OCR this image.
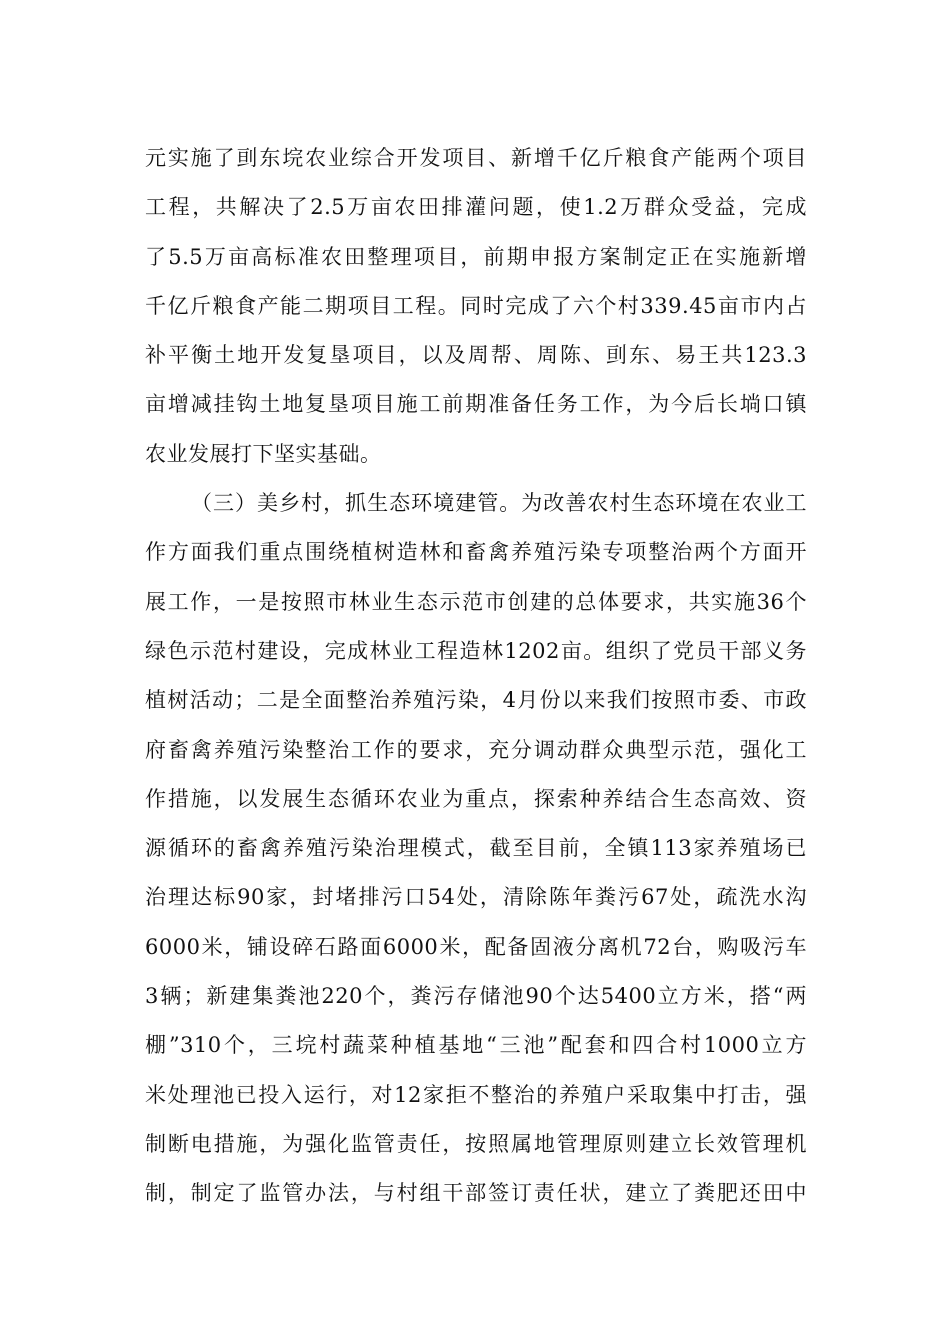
元实施了刯东垸农业综合开发项目、新增千亿斤粮食产能两个项目
工程，共解决了2.5万亩农田排灌问题，使1.2万群众受益，完成
了5.5万亩高标准农田整理项目，前期申报方案制定正在实施新增
千亿斤粮食产能二期项目工程。同时完成了六个村339.45亩市内占
补平衡土地开发复垦项目，以及周帮、周陈、刯东、易王共123.3
亩增减挂钩土地复垦项目施工前期准备任务工作，为今后长埫口镇
农业发展打下坚实基础。
（三）美乡村，抓生态环境建管。为改善农村生态环境在农业工
作方面我们重点围绕植树造林和畜禽养殖污染专项整治两个方面开
展工作，一是按照市林业生态示范市创建的总体要求，共实施36个
绿色示范村建设，完成林业工程造林1202亩。组织了党员干部义务
植树活动；二是全面整治养殖污染，4月份以来我们按照市委、市政
府畜禽养殖污染整治工作的要求，充分调动群众典型示范，强化工
作措施，以发展生态循环农业为重点，探索种养结合生态高效、资
源循环的畜禽养殖污染治理模式，截至目前，全镇113家养殖场已
治理达标90家，封堵排污口54处，清除陈年粪污67处，疏洗水沟
6000米，铺设碎石路面6000米，配备固液分离机72台，购吸污车
3辆；新建集粪池220个，粪污存储池90个达5400立方米，搭“两
棚”310个，三垸村蔬菜种植基地“三池”配套和四合村1000立方
米处理池已投入运行，对12家拒不整治的养殖户采取集中打击，强
制断电措施，为强化监管责任，按照属地管理原则建立长效管理机
制，制定了监管办法，与村组干部签订责任状，建立了粪肥还田中
